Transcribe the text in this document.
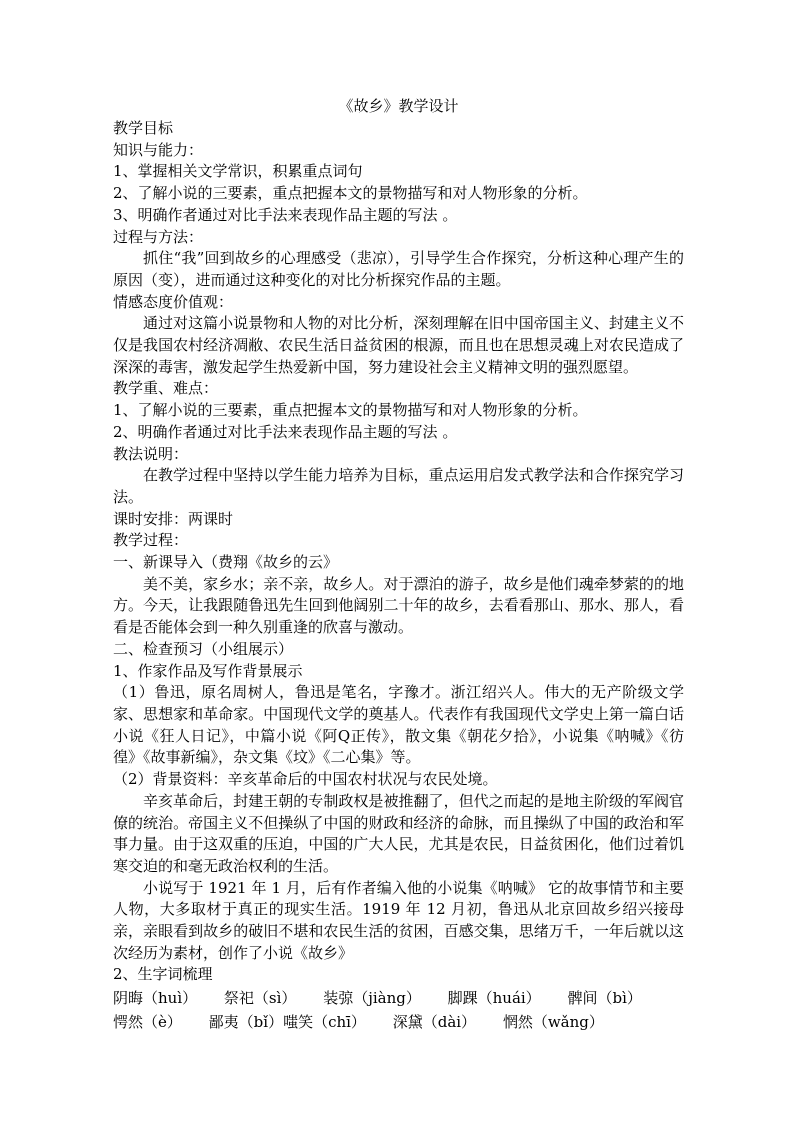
《故乡》教学设计

教学目标

知识与能力：

1、掌握相关文学常识，积累重点词句

2、了解小说的三要素，重点把握本文的景物描写和对人物形象的分析。

3、明确作者通过对比手法来表现作品主题的写法 。

过程与方法：

抓住“我”回到故乡的心理感受（悲凉），引导学生合作探究，分析这种心理产生的原因（变），进而通过这种变化的对比分析探究作品的主题。

情感态度价值观：

通过对这篇小说景物和人物的对比分析，深刻理解在旧中国帝国主义、封建主义不仅是我国农村经济凋敝、农民生活日益贫困的根源，而且也在思想灵魂上对农民造成了深深的毒害，激发起学生热爱新中国，努力建设社会主义精神文明的强烈愿望。

教学重、难点：

1、了解小说的三要素，重点把握本文的景物描写和对人物形象的分析。

2、明确作者通过对比手法来表现作品主题的写法 。

教法说明：

在教学过程中坚持以学生能力培养为目标，重点运用启发式教学法和合作探究学习法。

课时安排：两课时

教学过程：

一、新课导入（费翔《故乡的云》

美不美，家乡水；亲不亲，故乡人。对于漂泊的游子，故乡是他们魂牵梦萦的的地方。今天，让我跟随鲁迅先生回到他阔别二十年的故乡，去看看那山、那水、那人，看看是否能体会到一种久别重逢的欣喜与激动。

二、检查预习（小组展示）

1、作家作品及写作背景展示

（1）鲁迅，原名周树人，鲁迅是笔名，字豫才。浙江绍兴人。伟大的无产阶级文学家、思想家和革命家。中国现代文学的奠基人。代表作有我国现代文学史上第一篇白话小说《狂人日记》，中篇小说《阿Q正传》，散文集《朝花夕拾》，小说集《呐喊》《彷徨》《故事新编》，杂文集《坟》《二心集》等。

（2）背景资料：辛亥革命后的中国农村状况与农民处境。

辛亥革命后，封建王朝的专制政权是被推翻了，但代之而起的是地主阶级的军阀官僚的统治。帝国主义不但操纵了中国的财政和经济的命脉，而且操纵了中国的政治和军事力量。由于这双重的压迫，中国的广大人民，尤其是农民，日益贫困化，他们过着饥寒交迫的和毫无政治权利的生活。

小说写于 1921 年 1 月，后有作者编入他的小说集《呐喊》 它的故事情节和主要人物，大多取材于真正的现实生活。1919 年 12 月初，鲁迅从北京回故乡绍兴接母亲，亲眼看到故乡的破旧不堪和农民生活的贫困，百感交集，思绪万千，一年后就以这次经历为素材，创作了小说《故乡》

2、生字词梳理

阴晦（huì） 祭祀（sì） 装弶（jiàng） 脚踝（huái） 髀间（bì）

愕然（è） 鄙夷（bǐ）嗤笑（chī） 深黛（dài） 惘然（wǎng）
